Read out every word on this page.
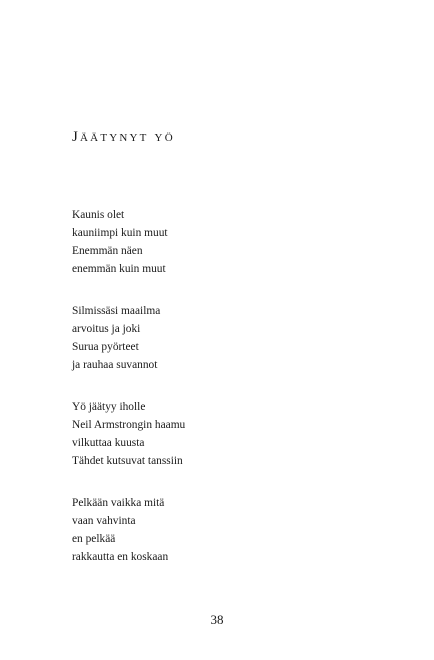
Jäätynyt yö
Kaunis olet
kauniimpi kuin muut
Enemmän näen
enemmän kuin muut
Silmissäsi maailma
arvoitus ja joki
Surua pyörteet
ja rauhaa suvannot
Yö jäätyy iholle
Neil Armstrongin haamu
vilkuttaa kuusta
Tähdet kutsuvat tanssiin
Pelkään vaikka mitä
vaan vahvinta
en pelkää
rakkautta en koskaan
38
